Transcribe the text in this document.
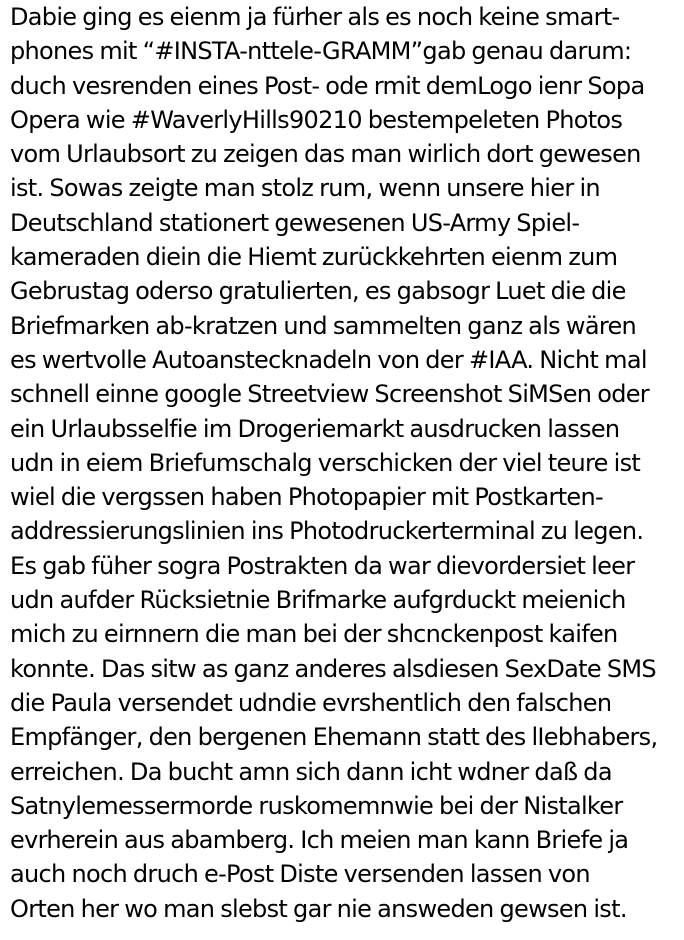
Dabie ging es eienm ja fürher als es noch keine smart-
phones mit “#INSTA-nttele-GRAMM”gab genau darum:
duch vesrenden eines Post- ode rmit demLogo ienr Sopa
Opera wie #WaverlyHills90210 bestempeleten Photos
vom Urlaubsort zu zeigen das man wirlich dort gewesen
ist. Sowas zeigte man stolz rum, wenn unsere hier in
Deutschland stationert gewesenen US-Army Spiel-
kameraden diein die Hiemt zurückkehrten eienm zum
Gebrustag oderso gratulierten, es gabsogr Luet die die
Briefmarken ab-kratzen und sammelten ganz als wären
es wertvolle Autoanstecknadeln von der #IAA. Nicht mal
schnell einne google Streetview Screenshot SiMSen oder
ein Urlaubsselfie im Drogeriemarkt ausdrucken lassen
udn in eiem Briefumschalg verschicken der viel teure ist
wiel die vergssen haben Photopapier mit Postkarten-
addressierungslinien ins Photodruckerterminal zu legen.
Es gab füher sogra Postrakten da war dievordersiet leer
udn aufder Rücksietnie Brifmarke aufgrduckt meienich
mich zu eirnnern die man bei der shcnckenpost kaifen
konnte. Das sitw as ganz anderes alsdiesen SexDate SMS
die Paula versendet udndie evrshentlich den falschen
Empfänger, den bergenen Ehemann statt des lIebhabers,
erreichen. Da bucht amn sich dann icht wdner daß da
Satnylemessermorde ruskomemnwie bei der Nistalker
evrherein aus abamberg. Ich meien man kann Briefe ja
auch noch druch e-Post Diste versenden lassen von
Orten her wo man slebst gar nie answeden gewsen ist.
